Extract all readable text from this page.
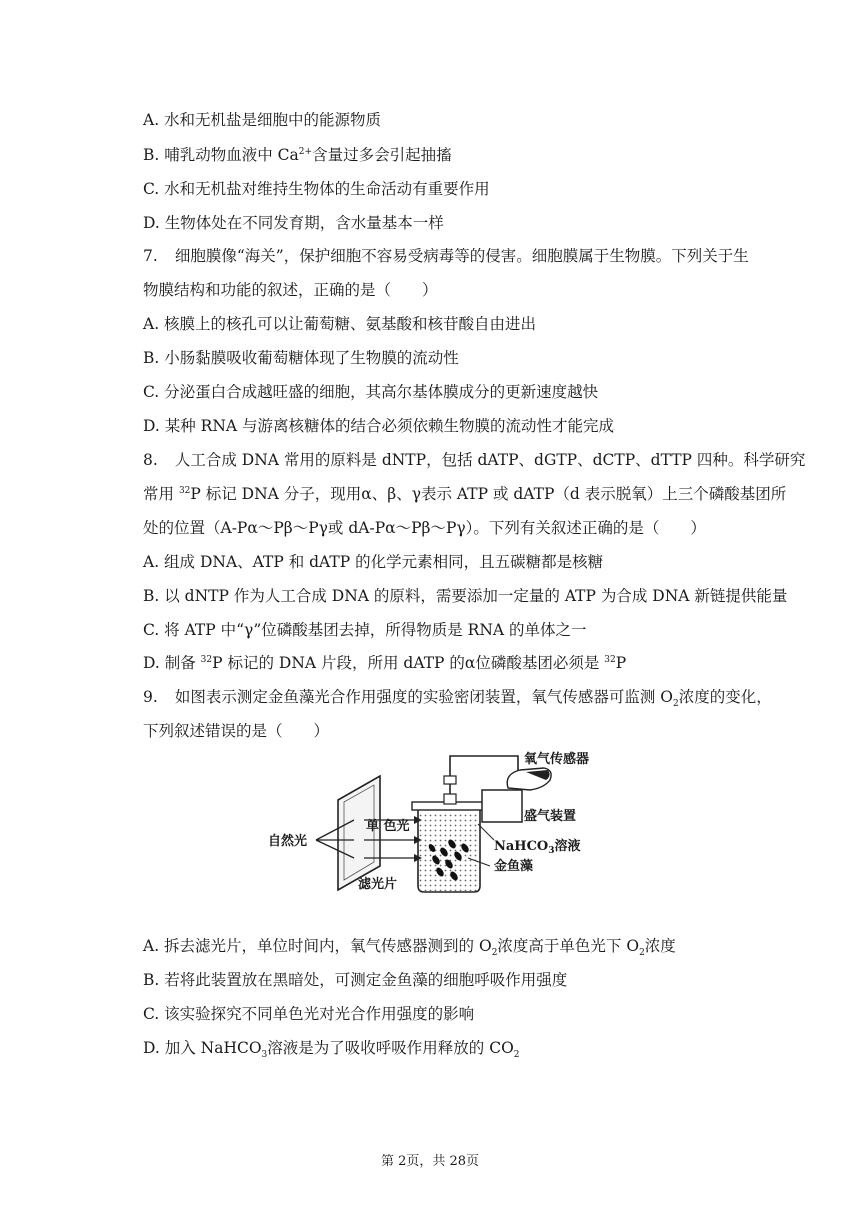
A. 水和无机盐是细胞中的能源物质
B. 哺乳动物血液中 $Ca^{2+}$含量过多会引起抽搐
C. 水和无机盐对维持生物体的生命活动有重要作用
D. 生物体处在不同发育期，含水量基本一样
7. 细胞膜像“海关”，保护细胞不容易受病毒等的侵害。细胞膜属于生物膜。下列关于生
物膜结构和功能的叙述，正确的是（　　）
A. 核膜上的核孔可以让葡萄糖、氨基酸和核苷酸自由进出
B. 小肠黏膜吸收葡萄糖体现了生物膜的流动性
C. 分泌蛋白合成越旺盛的细胞，其高尔基体膜成分的更新速度越快
D. 某种 RNA 与游离核糖体的结合必须依赖生物膜的流动性才能完成
8. 人工合成 DNA 常用的原料是 dNTP，包括 dATP、dGTP、dCTP、dTTP 四种。科学研究
常用 $^{32}$P 标记 DNA 分子，现用α、β、γ表示 ATP 或 dATP（d 表示脱氧）上三个磷酸基团所
处的位置（A-Pα～Pβ～Pγ或 dA-Pα～Pβ～Pγ）。下列有关叙述正确的是（　　）
A. 组成 DNA、ATP 和 dATP 的化学元素相同，且五碳糖都是核糖
B. 以 dNTP 作为人工合成 DNA 的原料，需要添加一定量的 ATP 为合成 DNA 新链提供能量
C. 将 ATP 中“γ”位磷酸基团去掉，所得物质是 RNA 的单体之一
D. 制备 $^{32}$P 标记的 DNA 片段，所用 dATP 的α位磷酸基团必须是 $^{32}$P
9. 如图表示测定金鱼藻光合作用强度的实验密闭装置，氧气传感器可监测 $O_2$浓度的变化，
下列叙述错误的是（　　）
自然光
单 色光
滤光片
氧气传感器
盛气装置
NaHCO$_3$溶液
金鱼藻
A. 拆去滤光片，单位时间内，氧气传感器测到的 $O_2$浓度高于单色光下 $O_2$浓度
B. 若将此装置放在黑暗处，可测定金鱼藻的细胞呼吸作用强度
C. 该实验探究不同单色光对光合作用强度的影响
D. 加入 NaHCO$_3$溶液是为了吸收呼吸作用释放的 $CO_2$
第 2页，共 28页
